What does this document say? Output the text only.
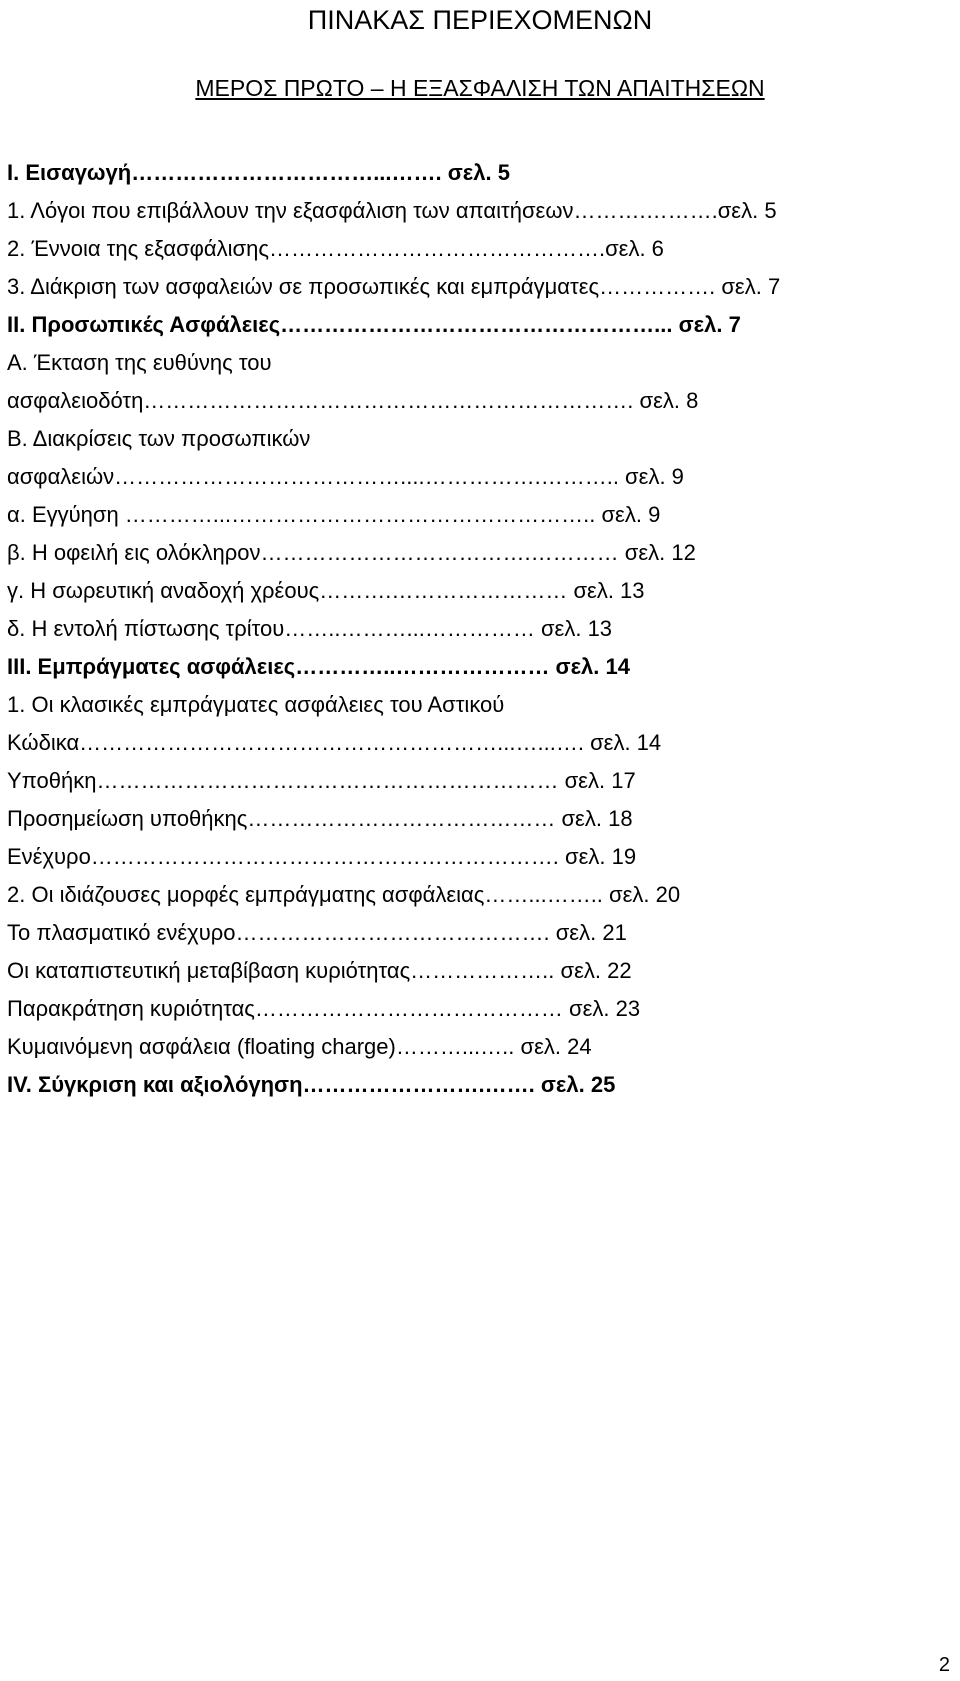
ΠΙΝΑΚΑΣ ΠΕΡΙΕΧΟΜΕΝΩΝ
ΜΕΡΟΣ ΠΡΩΤΟ – Η ΕΞΑΣΦΑΛΙΣΗ ΤΩΝ ΑΠΑΙΤΗΣΕΩΝ
Ι. Εισαγωγή……………………………...……. σελ. 5
1. Λόγοι που επιβάλλουν την εξασφάλιση των απαιτήσεων……….……….σελ. 5
2. Έννοια της εξασφάλισης……………………………………….σελ. 6
3. Διάκριση των ασφαλειών σε προσωπικές και εμπράγματες……………. σελ. 7
ΙΙ. Προσωπικές Ασφάλειες……………………………………………... σελ. 7
Α. Έκταση της ευθύνης του
ασφαλειοδότη…………………………………………………………. σελ. 8
Β. Διακρίσεις των προσωπικών
ασφαλειών…………………………………....…………….……….. σελ. 9
α. Εγγύηση …………...………………………………………….. σελ. 9
β. Η οφειλή εις ολόκληρον……………………………….………… σελ. 12
γ. Η σωρευτική αναδοχή χρέους……….…………………… σελ. 13
δ. Η εντολή πίστωσης τρίτου……..………...…………… σελ. 13
ΙΙΙ. Εμπράγματες ασφάλειες…………..………………… σελ. 14
1. Οι κλασικές εμπράγματες ασφάλειες του Αστικού
Κώδικα…………………………………………………...…...…. σελ. 14
Υποθήκη……………………………………………………… σελ. 17
Προσημείωση υποθήκης…………………………………… σελ. 18
Ενέχυρο………………………………………………………. σελ. 19
2. Οι ιδιάζουσες μορφές εμπράγματης ασφάλειας……...…….. σελ. 20
Το πλασματικό ενέχυρο……………………………………. σελ. 21
Οι καταπιστευτική μεταβίβαση κυριότητας……………….. σελ. 22
Παρακράτηση κυριότητας…………………………………… σελ. 23
Κυμαινόμενη ασφάλεια (floating charge)………...….. σελ. 24
ΙV. Σύγκριση και αξιολόγηση…………………….……. σελ. 25
2
